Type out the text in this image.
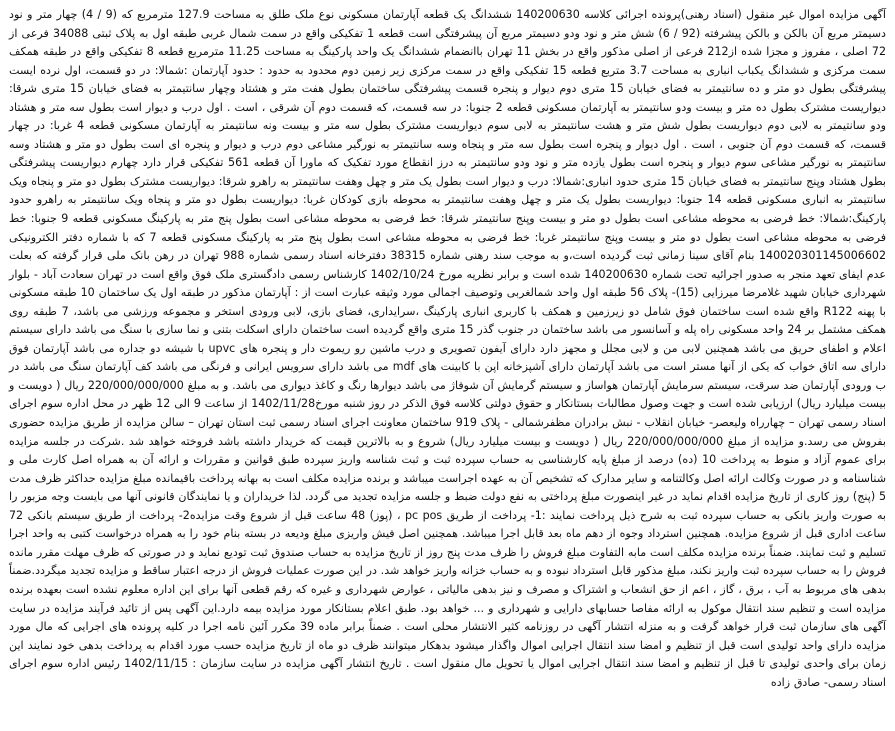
آگهی مزایده اموال غیر منقول (اسناد رهنی)پرونده اجرائی کلاسه 140200630 ششدانگ یک قطعه آپارتمان مسکونی نوع ملک طلق به مساحت 127.9 مترمربع که (9 / 4) چهار متر و نود دسیمتر مربع آن بالکن و بالکن پیشرفته (92 / 6) شش متر و نود ودو دسیمتر مربع آن پیشرفتگی است قطعه 1 تفکیکی واقع در سمت شمال غربی طبقه اول به پلاک ثبتی 34088 فرعی از 72 اصلی ، مفروز و مجزا شده از212 فرعی از اصلی مذکور واقع در بخش 11 تهران باانضمام ششدانگ یک واحد پارکینگ به مساحت 11.25 مترمربع قطعه 8 تفکیکی واقع در طبقه همکف سمت مرکزی و ششدانگ یکباب انباری به مساحت 3.7 متربع قطعه 15 تفکیکی واقع در سمت مرکزی زیر زمین دوم محدود به حدود : حدود آپارتمان :شمالا: در دو قسمت، اول نرده ایست پیشرفتگی بطول دو متر و ده سانتیمتر به فضای خیابان 15 متری دوم دیوار و پنجره قسمت پیشرفتگی ساختمان بطول هفت متر و هشتاد وچهار سانتیمتر به فضای خیابان 15 متری شرقا: دیواریست مشترک بطول ده متر و بیست ودو سانتیمتر به آپارتمان مسکونی قطعه 2 جنوبا: در سه قسمت، که قسمت دوم آن شرقی ، است . اول درب و دیوار است بطول سه متر و هشتاد ودو سانتیمتر به لابی دوم دیواریست بطول شش متر و هشت سانتیمتر به لابی سوم دیواریست مشترک بطول سه متر و بیست ونه سانتیمتر به آپارتمان مسکونی قطعه 4 غربا: در چهار قسمت، که قسمت دوم آن جنوبی ، است . اول دیوار و پنجره است بطول سه متر و پنجاه وسه سانتیمتر به نورگیر مشاعی دوم درب و دیوار و پنجره ای است بطول دو متر و هشتاد وسه سانتیمتر به نورگیر مشاعی سوم دیوار و پنجره است بطول یازده متر و نود ودو سانتیمتر به درز انقطاع مورد تفکیک که ماورا آن قطعه 561 تفکیکی قرار دارد چهارم دیواریست پیشرفتگی بطول هشتاد وپنج سانتیمتر به فضای خیابان 15 متری حدود انباری:شمالا: درب و دیوار است بطول یک متر و چهل وهفت سانتیمتر به راهرو شرقا: دیواریست مشترک بطول دو متر و پنجاه ویک سانتیمتر به انباری مسکونی قطعه 14 جنوبا: دیواریست بطول یک متر و چهل وهفت سانتیمتر به محوطه بازی کودکان غربا: دیواریست بطول دو متر و پنجاه ویک سانتیمتر به راهرو حدود پارکینگ:شمالا: خط فرضی به محوطه مشاعی است بطول دو متر و بیست وپنج سانتیمتر شرقا: خط فرضی به محوطه مشاعی است بطول پنج متر به پارکینگ مسکونی قطعه 9 جنوبا: خط فرضی به محوطه مشاعی است بطول دو متر و بیست وپنج سانتیمتر غربا: خط فرضی به محوطه مشاعی است بطول پنج متر به پارکینگ مسکونی قطعه 7 که با شماره دفتر الکترونیکی 140020301145006602 بنام آقای سینا زمانی ثبت گردیده است،و به موجب سند رهنی شماره 38315 دفترخانه اسناد رسمی شماره 988 تهران در رهن بانک ملی قرار گرفته که بعلت عدم ایفای تعهد منجر به صدور اجرائیه تحت شماره 140200630 شده است و برابر نظریه مورخ 1402/10/24 کارشناس رسمی دادگستری ملک فوق واقع است در تهران سعادت آباد - بلوار شهرداری خیابان شهید غلامرضا میرزایی (15)- پلاک 56 طبقه اول واحد شمالغربی وتوصیف اجمالی مورد وثیقه عبارت است از : آپارتمان مذکور در طبقه اول یک ساختمان 10 طبقه مسکونی با پهنه R122 واقع شده است ساختمان فوق شامل دو زیرزمین و همکف با کاربری انباری پارکینگ ،سرایداری، فضای بازی، لابی ورودی استخر و مجموعه ورزشی می باشد، 7 طبقه روی همکف مشتمل بر 24 واحد مسکونی راه پله و آسانسور می باشد ساختمان در جنوب گذر 15 متری واقع گردیده است ساختمان دارای اسکلت بتنی و نما سازی با سنگ می باشد دارای سیستم اعلام و اطفای حریق می باشد همچنین لابی من و لابی مجلل و مجهز دارد دارای آیفون تصویری و درب ماشین رو ریموت دار و پنجره های upvc با شیشه دو جداره می باشد آپارتمان فوق دارای سه اتاق خواب که یکی از آنها مستر است می باشد آپارتمان دارای آشپزخانه اپن با کابینت های mdf می باشد دارای سرویس ایرانی و فرنگی می باشد کف آپارتمان سنگ می باشد در ب ورودی آپارتمان ضد سرقت، سیستم سرمایش آپارتمان هواساز و سیستم گرمایش آن شوفاژ می باشد دیوارها رنگ و کاغذ دیواری می باشد. و به مبلغ 220/000/000/000 ریال ( دویست و بیست میلیارد ریال) ارزیابی شده است و جهت وصول مطالبات بستانکار و حقوق دولتی کلاسه فوق الذکر در روز شنبه مورخ1402/11/28 از ساعت 9 الی 12 ظهر در محل اداره سوم اجرای اسناد رسمی تهران – چهارراه ولیعصر- خیابان انقلاب - نبش برادران مظفرشمالی - پلاک 919 ساختمان معاونت اجرای اسناد رسمی ثبت استان تهران – سالن مزایده از طریق مزایده حضوری بفروش می رسد.و مزایده از مبلغ 220/000/000/000 ریال ( دویست و بیست میلیارد ریال) شروع و به بالاترین قیمت که خریدار داشته باشد فروخته خواهد شد .شرکت در جلسه مزایده برای عموم آزاد و منوط به پرداخت 10 (ده) درصد از مبلغ پایه کارشناسی به حساب سپرده ثبت و ثبت شناسه واریز سپرده طبق قوانین و مقررات و ارائه آن به همراه اصل کارت ملی و شناسنامه و در صورت وکالت ارائه اصل وکالتنامه و سایر مدارک که تشخیص آن به عهده اجراست میباشد و برنده مزایده مکلف است به بهانه پرداخت باقیمانده مبلغ مزایده حداکثر ظرف مدت 5 (پنج) روز کاری از تاریخ مزایده اقدام نماید در غیر اینصورت مبلغ پرداختی به نفع دولت ضبط و جلسه مزایده تجدید می گردد. لذا خریداران و یا نمایندگان قانونی آنها می بایست وجه مزبور را به صورت واریز بانکی به حساب سپرده ثبت به شرح ذیل پرداخت نمایند :1- پرداخت از طریق pc pos ، (پوز) 48 ساعت قبل از شروع وقت مزایده2- پرداخت از طریق سیستم بانکی 72 ساعت اداری قبل از شروع مزایده. همچنین استرداد وجوه از دهم ماه بعد قابل اجرا میباشد. همچنین اصل فیش واریزی مبلغ ودیعه در بسته بنام خود را به همراه درخواست کتبی به واحد اجرا تسلیم و ثبت نمایند. ضمناً برنده مزایده مکلف است مابه التفاوت مبلغ فروش را ظرف مدت پنج روز از تاریخ مزایده به حساب صندوق ثبت تودیع نماید و در صورتی که ظرف مهلت مقرر مانده فروش را به حساب سپرده ثبت واریز نکند، مبلغ مذکور قابل استرداد نبوده و به حساب خزانه واریز خواهد شد. در این صورت عملیات فروش از درجه اعتبار ساقط و مزایده تجدید میگردد.ضمناً بدهی های مربوط به آب ، برق ، گاز ، اعم از حق انشعاب و اشتراک و مصرف و نیز بدهی مالیاتی ، عوارض شهرداری و غیره که رقم قطعی آنها برای این اداره معلوم نشده است بعهده برنده مزایده است و تنظیم سند انتقال موکول به ارائه مفاصا حسابهای دارایی و شهرداری و ... خواهد بود. طبق اعلام بستانکار مورد مزایده بیمه دارد.این آگهی پس از تائید فرآیند مزایده در سایت آگهی های سازمان ثبت قرار خواهد گرفت و به منزله انتشار آگهی در روزنامه کثیر الانتشار محلی است . ضمناً برابر ماده 39 مکرر آئین نامه اجرا در کلیه پرونده های اجرایی که مال مورد مزایده دارای واحد تولیدی است قبل از تنظیم و امضا سند انتقال اجرایی اموال واگذار میشود بدهکار میتوانند ظرف دو ماه از تاریخ مزایده حسب مورد اقدام به پرداخت بدهی خود نمایند این زمان برای واحدی تولیدی تا قبل از تنظیم و امضا سند انتقال اجرایی اموال یا تحویل مال منقول است . تاریخ انتشار آگهی مزایده در سایت سازمان : 1402/11/15 رئیس اداره سوم اجرای اسناد رسمی- صادق زاده
